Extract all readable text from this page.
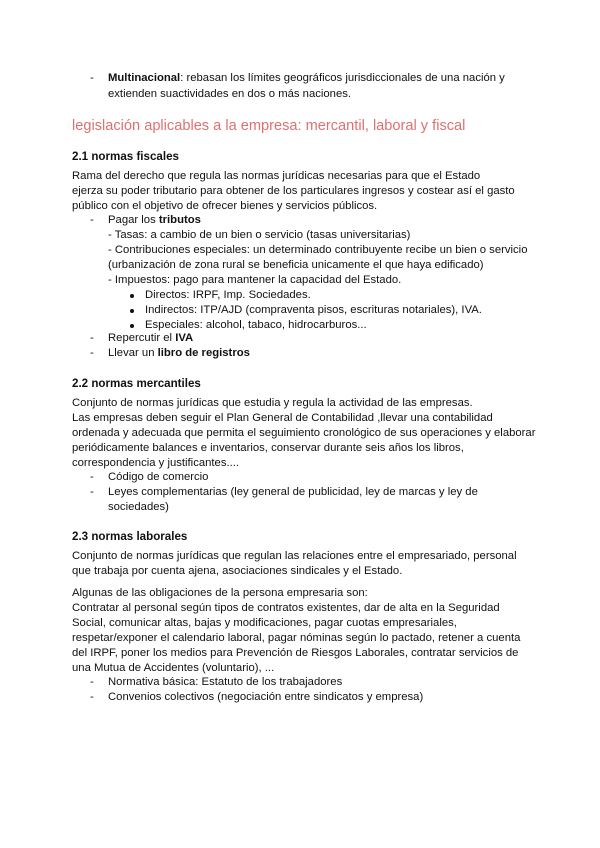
- Multinacional: rebasan los límites geográficos jurisdiccionales de una nación y
extienden suactividades en dos o más naciones.
legislación aplicables a la empresa: mercantil, laboral y fiscal
2.1 normas fiscales
Rama del derecho que regula las normas jurídicas necesarias para que el Estado
ejerza su poder tributario para obtener de los particulares ingresos y costear así el gasto
público con el objetivo de ofrecer bienes y servicios públicos.
- Pagar los tributos
- Tasas: a cambio de un bien o servicio (tasas universitarias)
- Contribuciones especiales: un determinado contribuyente recibe un bien o servicio
(urbanización de zona rural se beneficia unicamente el que haya edificado)
- Impuestos: pago para mantener la capacidad del Estado.
Directos: IRPF, Imp. Sociedades.
Indirectos: ITP/AJD (compraventa pisos, escrituras notariales), IVA.
Especiales: alcohol, tabaco, hidrocarburos...
- Repercutir el IVA
- Llevar un libro de registros
2.2 normas mercantiles
Conjunto de normas jurídicas que estudia y regula la actividad de las empresas.
Las empresas deben seguir el Plan General de Contabilidad ,llevar una contabilidad
ordenada y adecuada que permita el seguimiento cronológico de sus operaciones y elaborar
periódicamente balances e inventarios, conservar durante seis años los libros,
correspondencia y justificantes....
- Código de comercio
- Leyes complementarias (ley general de publicidad, ley de marcas y ley de
sociedades)
2.3 normas laborales
Conjunto de normas jurídicas que regulan las relaciones entre el empresariado, personal
que trabaja por cuenta ajena, asociaciones sindicales y el Estado.
Algunas de las obligaciones de la persona empresaria son:
Contratar al personal según tipos de contratos existentes, dar de alta en la Seguridad
Social, comunicar altas, bajas y modificaciones, pagar cuotas empresariales,
respetar/exponer el calendario laboral, pagar nóminas según lo pactado, retener a cuenta
del IRPF, poner los medios para Prevención de Riesgos Laborales, contratar servicios de
una Mutua de Accidentes (voluntario), ...
- Normativa básica: Estatuto de los trabajadores
- Convenios colectivos (negociación entre sindicatos y empresa)
